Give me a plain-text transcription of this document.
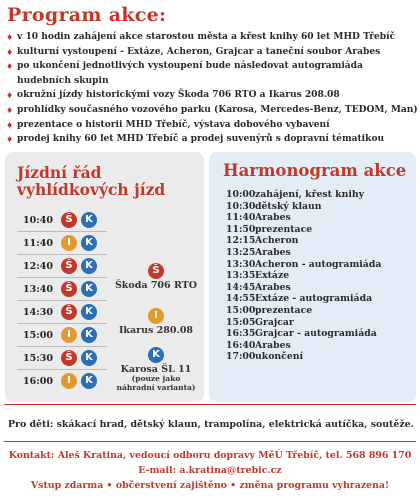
Program akce:
♦ v 10 hodin zahájení akce starostou města a křest knihy 60 let MHD Třebíč
♦ kulturní vystoupení - Extáze, Acheron, Grajcar a taneční soubor Arabes
♦ po ukončení jednotlivých vystoupení bude následovat autogramiáda
hudebních skupin
♦ okružní jízdy historickými vozy Škoda 706 RTO a Ikarus 208.08
♦ prohlídky současného vozového parku (Karosa, Mercedes-Benz, TEDOM, Man)
♦ prezentace o historii MHD Třebíč, výstava dobového vybavení
♦ prodej knihy 60 let MHD Třebíč a prodej suvenýrů s dopravní tématikou
Jízdní řád
vyhlídkových jízd
10:40	Š	K
11:40	I	K
12:40	Š	K
13:40	Š	K
14:30	Š	K
15:00	I	K
15:30	Š	K
16:00	I	K
Š
Škoda 706 RTO
I
Ikarus 280.08
K
Karosa ŠL 11
(pouze jako náhradní varianta)
Harmonogram akce
10:00zahájení, křest knihy
10:30dětský klaun
11:40Arabes
11:50prezentace
12:15Acheron
13:25Arabes
13:30Acheron - autogramiáda
13:35Extáze
14:45Arabes
14:55Extáze - autogramiáda
15:00prezentace
15:05Grajcar
16:35Grajcar - autogramiáda
16:40Arabes
17:00ukončení
Pro děti: skákací hrad, dětský klaun, trampolína, elektrická autíčka, soutěže.
Kontakt: Aleš Kratina, vedoucí odboru dopravy MěÚ Třebíč, tel. 568 896 170
E-mail: a.kratina@trebic.cz
Vstup zdarma • občerstvení zajištěno • změna programu vyhrazena!
